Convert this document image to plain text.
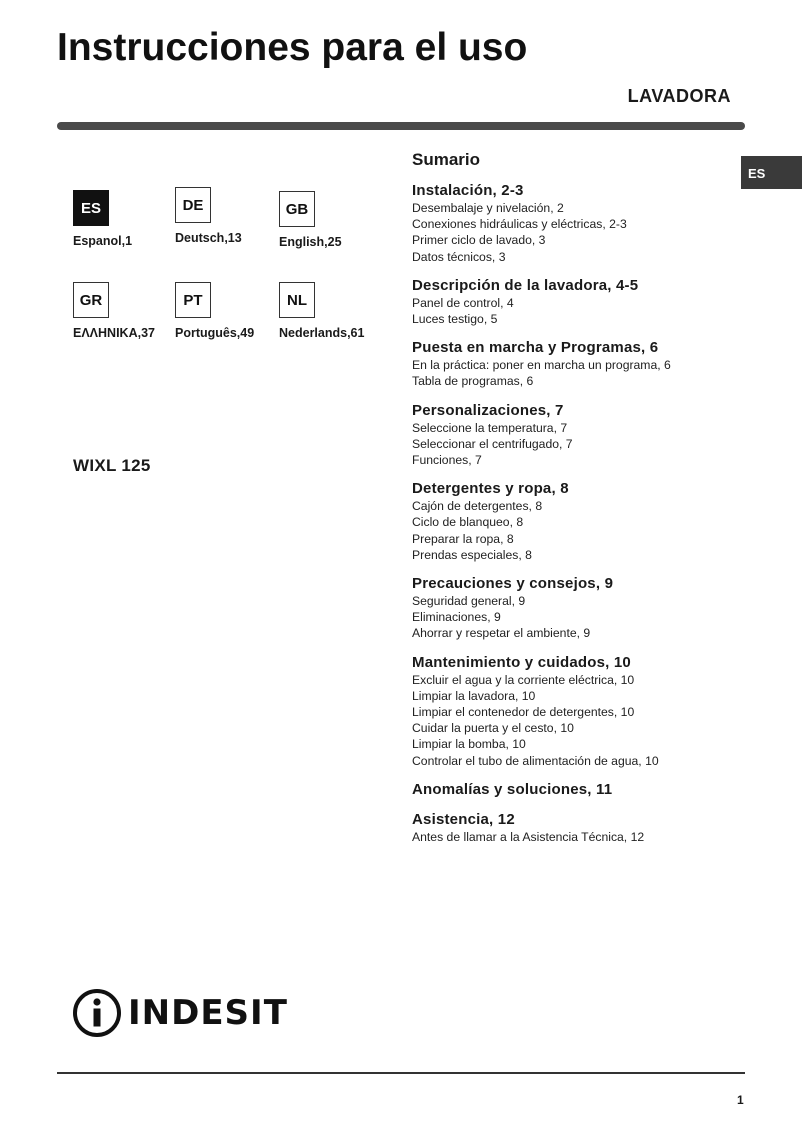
Instrucciones para el uso
LAVADORA
ES
ES
Espanol,1
DE
Deutsch,13
GB
English,25
GR
ΕΛΛΗΝΙΚΑ,37
PT
Português,49
NL
Nederlands,61
WIXL 125
Sumario
Instalación, 2-3
Desembalaje y nivelación, 2
Conexiones hidráulicas y eléctricas, 2-3
Primer ciclo de lavado, 3
Datos técnicos, 3
Descripción de la lavadora, 4-5
Panel de control, 4
Luces testigo, 5
Puesta en marcha y Programas, 6
En la práctica: poner en marcha un programa, 6
Tabla de programas, 6
Personalizaciones, 7
Seleccione la temperatura, 7
Seleccionar el centrifugado, 7
Funciones, 7
Detergentes y ropa, 8
Cajón de detergentes, 8
Ciclo de blanqueo, 8
Preparar la ropa, 8
Prendas especiales, 8
Precauciones y consejos, 9
Seguridad general, 9
Eliminaciones, 9
Ahorrar y respetar el ambiente, 9
Mantenimiento y cuidados, 10
Excluir el agua y la corriente eléctrica, 10
Limpiar la lavadora, 10
Limpiar el contenedor de detergentes, 10
Cuidar la puerta y el cesto, 10
Limpiar la bomba, 10
Controlar el tubo de alimentación de agua, 10
Anomalías y soluciones, 11
Asistencia, 12
Antes de llamar a la Asistencia Técnica, 12
INDESIT
1
